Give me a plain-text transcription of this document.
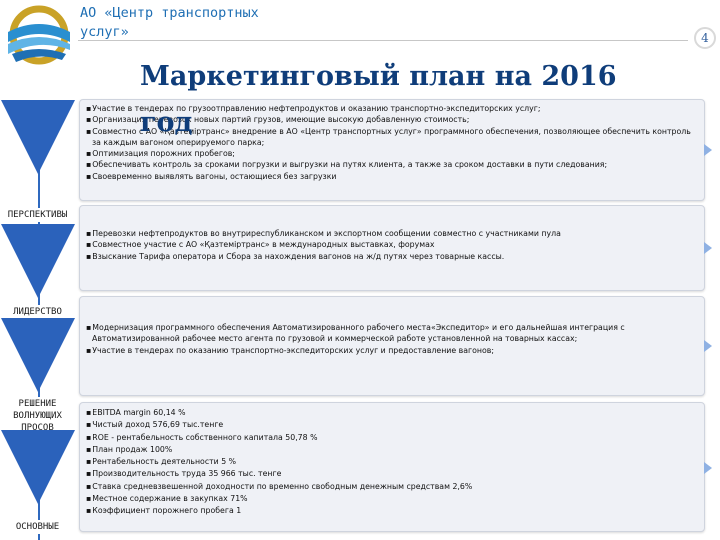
АО «Центр транспортных
услуг»	4
Маркетинговый план на 2016 год
ПЕРСПЕКТИВЫ
ЛИДЕРСТВО
РЕШЕНИЕ ВОЛНУЮЩИХ ПРОСОВ
ОСНОВНЫЕ
▪ Участие в тендерах по грузоотправлению нефтепродуктов и оказанию транспортно-экспедиторских услуг;
▪ Организация перевозок новых партий грузов, имеющие высокую добавленную стоимость;
▪ Совместно с АО «Қазтеміртранс» внедрение в АО «Центр транспортных услуг» программного обеспечения, позволяющее обеспечить контроль за каждым вагоном оперируемого парка;
▪ Оптимизация порожних пробегов;
▪ Обеспечивать контроль за сроками погрузки и выгрузки на путях клиента, а также за сроком доставки в пути следования;
▪ Своевременно выявлять вагоны, остающиеся без загрузки
▪ Перевозки нефтепродуктов во внутриреспубликанском и экспортном сообщении совместно с участниками пула
▪ Совместное участие с АО «Қазтеміртранс» в международных выставках, форумах
▪ Взыскание Тарифа оператора и Сбора за нахождения вагонов на ж/д путях через товарные кассы.
▪ Модернизация программного обеспечения Автоматизированного рабочего места«Экспедитор» и его дальнейшая интеграция с Автоматизированной рабочее место агента по грузовой и коммерческой работе установленной на товарных кассах;
▪ Участие в тендерах по оказанию транспортно-экспедиторских услуг и предоставление вагонов;
▪ EBITDA margin 60,14 %
▪ Чистый доход 576,69 тыс.тенге
▪ ROE - рентабельность собственного капитала 50,78 %
▪ План продаж 100%
▪ Рентабельность деятельности 5 %
▪ Производительность труда 35 966 тыс. тенге
▪ Ставка средневзвешенной доходности по временно свободным денежным средствам 2,6%
▪ Местное содержание в закупках 71%
▪ Коэффициент порожнего пробега 1
